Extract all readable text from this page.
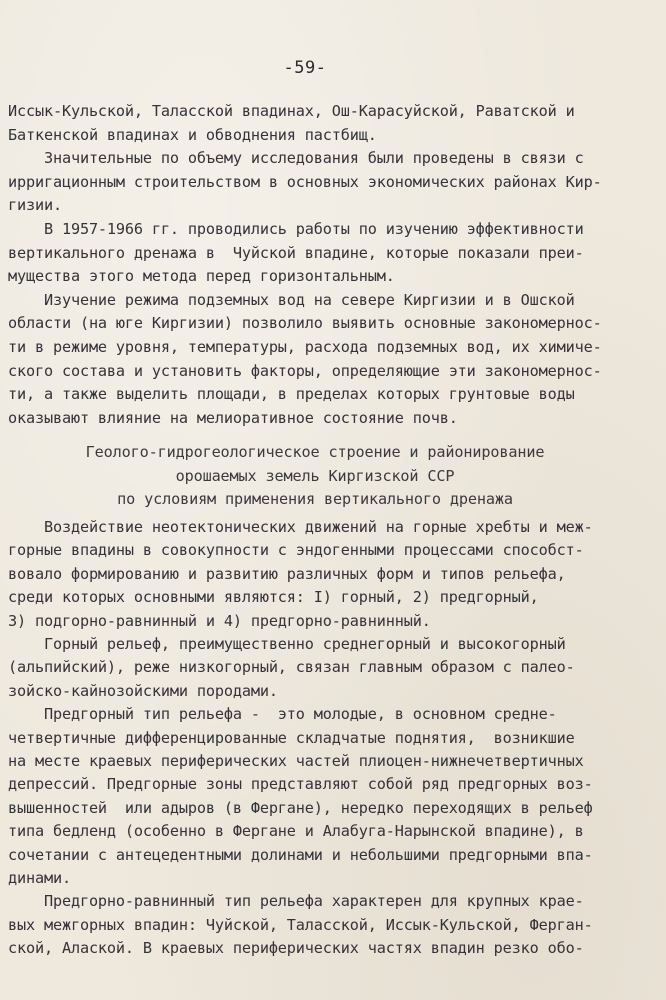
-59-
Иссык-Кульской, Таласской впадинах, Ош-Карасуйской, Раватской и
Баткенской впадинах и обводнения пастбищ.
Значительные по объему исследования были проведены в связи с
ирригационным строительством в основных экономических районах Кир-
гизии.
В 1957-1966 гг. проводились работы по изучению эффективности
вертикального дренажа в  Чуйской впадине, которые показали преи-
мущества этого метода перед горизонтальным.
Изучение режима подземных вод на севере Киргизии и в Ошской
области (на юге Киргизии) позволило выявить основные закономернос-
ти в режиме уровня, температуры, расхода подземных вод, их химиче-
ского состава и установить факторы, определяющие эти закономернос-
ти, а также выделить площади, в пределах которых грунтовые воды
оказывают влияние на мелиоративное состояние почв.
Геолого-гидрогеологическое строение и районирование
орошаемых земель Киргизской ССР
по условиям применения вертикального дренажа
Воздействие неотектонических движений на горные хребты и меж-
горные впадины в совокупности с эндогенными процессами способст-
вовало формированию и развитию различных форм и типов рельефа,
среди которых основными являются: I) горный, 2) предгорный,
3) подгорно-равнинный и 4) предгорно-равнинный.
Горный рельеф, преимущественно среднегорный и высокогорный
(альпийский), реже низкогорный, связан главным образом с палео-
зойско-кайнозойскими породами.
Предгорный тип рельефа -  это молодые, в основном средне-
четвертичные дифференцированные складчатые поднятия,  возникшие
на месте краевых периферических частей плиоцен-нижнечетвертичных
депрессий. Предгорные зоны представляют собой ряд предгорных воз-
вышенностей  или адыров (в Фергане), нередко переходящих в рельеф
типа бедленд (особенно в Фергане и Алабуга-Нарынской впадине), в
сочетании с антецедентными долинами и небольшими предгорными впа-
динами.
Предгорно-равнинный тип рельефа характерен для крупных крае-
вых межгорных впадин: Чуйской, Таласской, Иссык-Кульской, Ферган-
ской, Алаской. В краевых периферических частях впадин резко обо-
